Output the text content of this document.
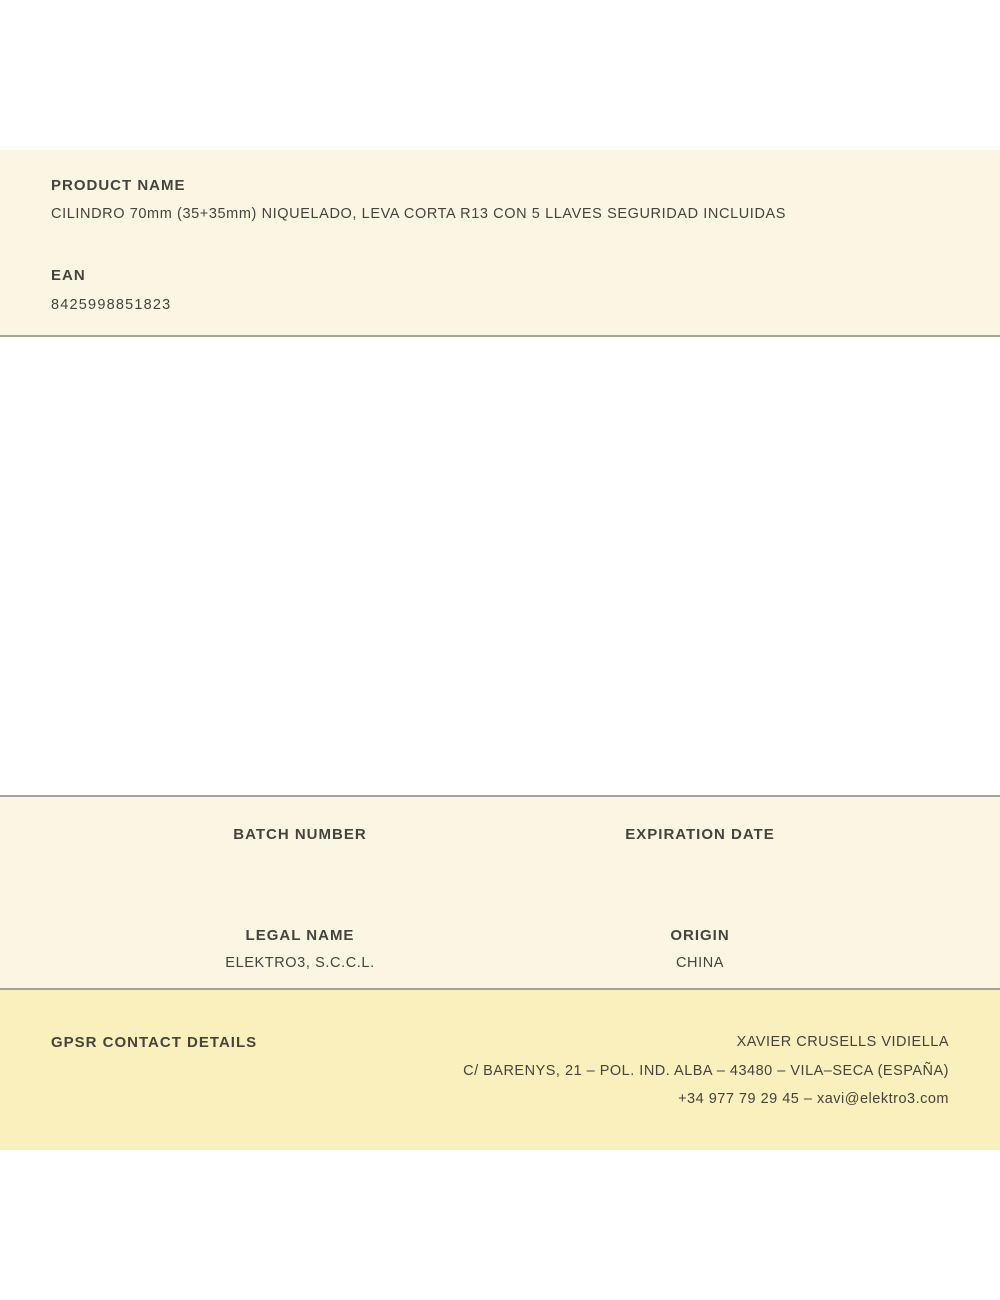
PRODUCT NAME
CILINDRO 70mm (35+35mm) NIQUELADO, LEVA CORTA R13 CON 5 LLAVES SEGURIDAD INCLUIDAS
EAN
8425998851823
BATCH NUMBER	EXPIRATION DATE
LEGAL NAME
ELEKTRO3, S.C.C.L.
ORIGIN
CHINA
GPSR CONTACT DETAILS	XAVIER CRUSELLS VIDIELLA
C/ BARENYS, 21 – POL. IND. ALBA – 43480 – VILA–SECA (ESPAÑA)
+34 977 79 29 45 – xavi@elektro3.com
